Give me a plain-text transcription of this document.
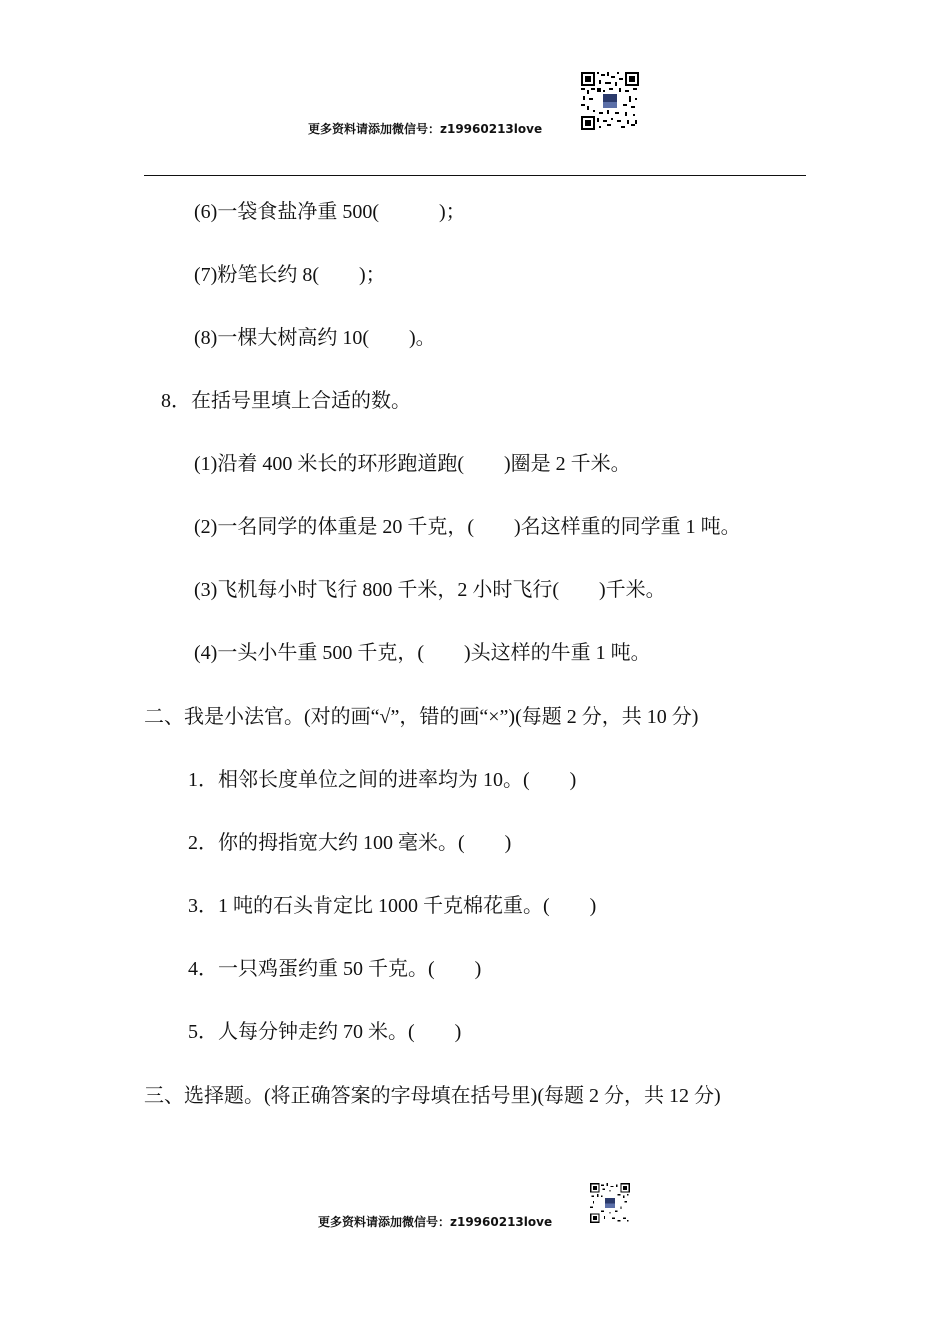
更多资料请添加微信号：z19960213love
(6)一袋食盐净重 500(            )；
(7)粉笔长约 8(        )；
(8)一棵大树高约 10(        )。
8．在括号里填上合适的数。
(1)沿着 400 米长的环形跑道跑(        )圈是 2 千米。
(2)一名同学的体重是 20 千克，(        )名这样重的同学重 1 吨。
(3)飞机每小时飞行 800 千米，2 小时飞行(        )千米。
(4)一头小牛重 500 千克，(        )头这样的牛重 1 吨。
二、我是小法官。(对的画“√”，错的画“×”)(每题 2 分，共 10 分)
1．相邻长度单位之间的进率均为 10。(        )
2．你的拇指宽大约 100 毫米。(        )
3．1 吨的石头肯定比 1000 千克棉花重。(        )
4．一只鸡蛋约重 50 千克。(        )
5．人每分钟走约 70 米。(        )
三、选择题。(将正确答案的字母填在括号里)(每题 2 分，共 12 分)
更多资料请添加微信号：z19960213love
